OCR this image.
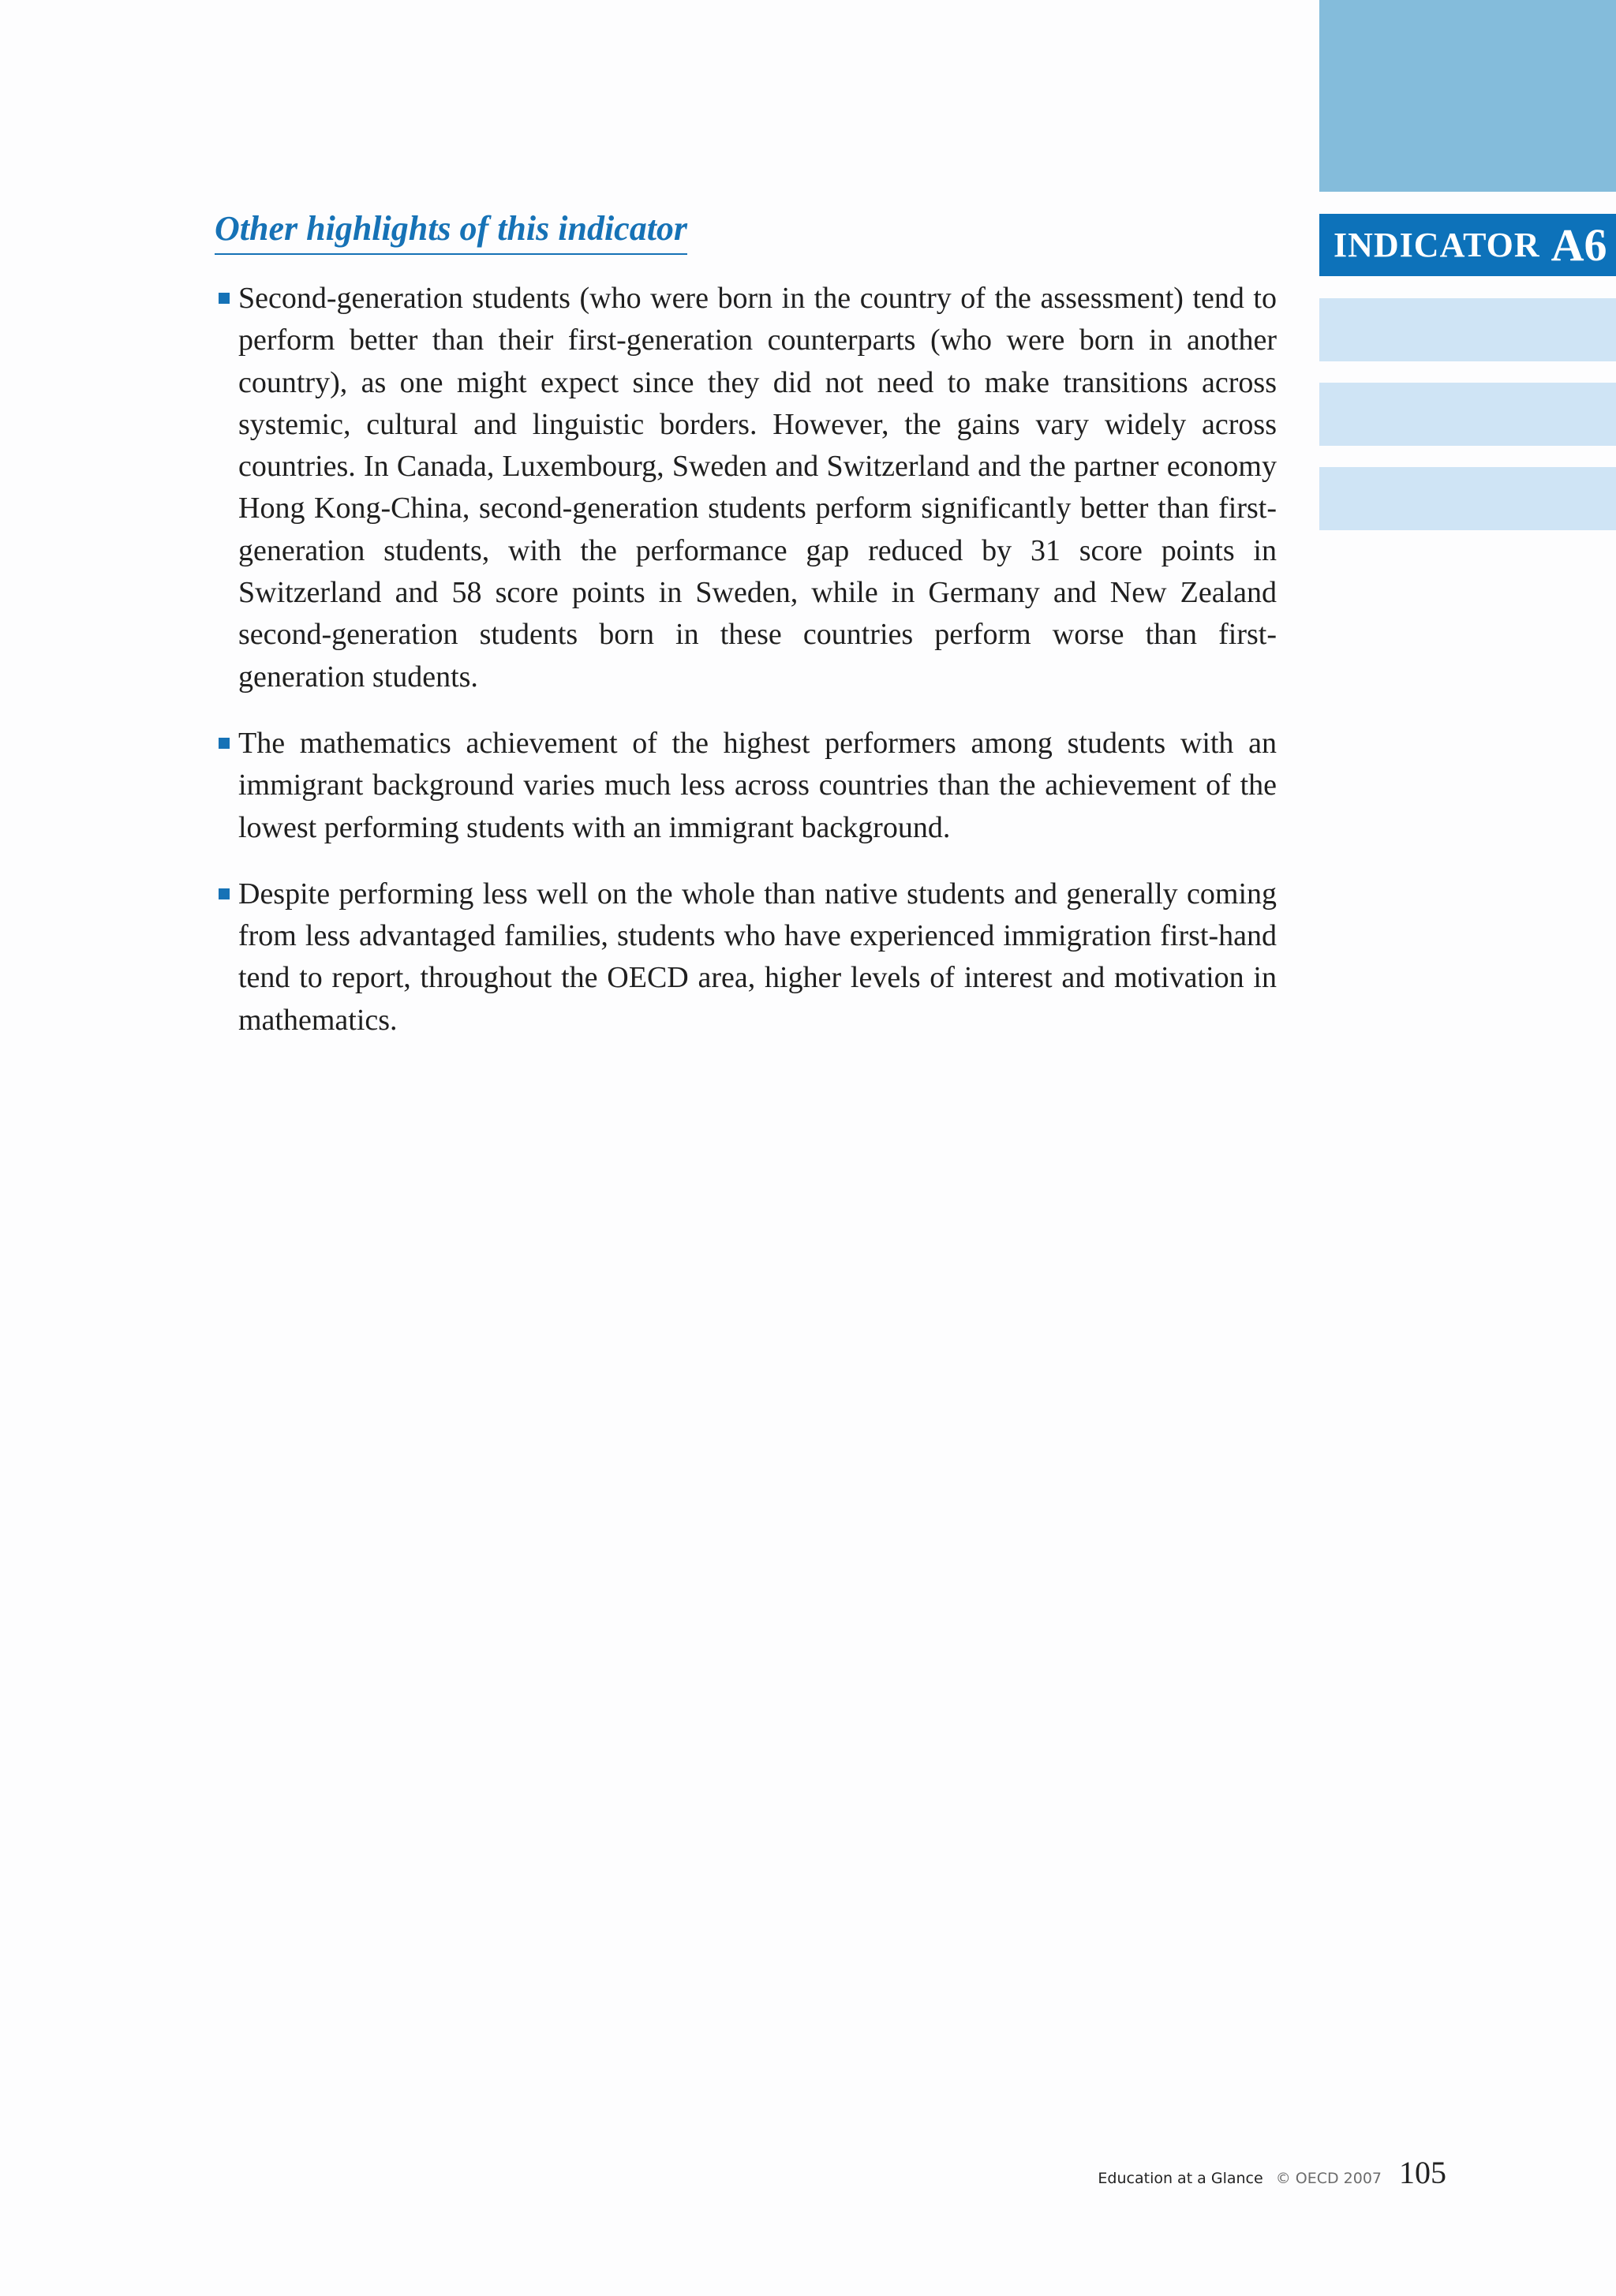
INDICATOR A6
Other highlights of this indicator
Second-generation students (who were born in the country of the assessment) tend to perform better than their first-generation counterparts (who were born in another country), as one might expect since they did not need to make transitions across systemic, cultural and linguistic borders. However, the gains vary widely across countries. In Canada, Luxembourg, Sweden and Switzerland and the partner economy Hong Kong-China, second-generation students perform significantly better than first-generation students, with the performance gap reduced by 31 score points in Switzerland and 58 score points in Sweden, while in Germany and New Zealand second-generation students born in these countries perform worse than first-generation students.
The mathematics achievement of the highest performers among students with an immigrant background varies much less across countries than the achievement of the lowest performing students with an immigrant background.
Despite performing less well on the whole than native students and generally coming from less advantaged families, students who have experienced immigration first-hand tend to report, throughout the OECD area, higher levels of interest and motivation in mathematics.
Education at a Glance © OECD 2007 105
